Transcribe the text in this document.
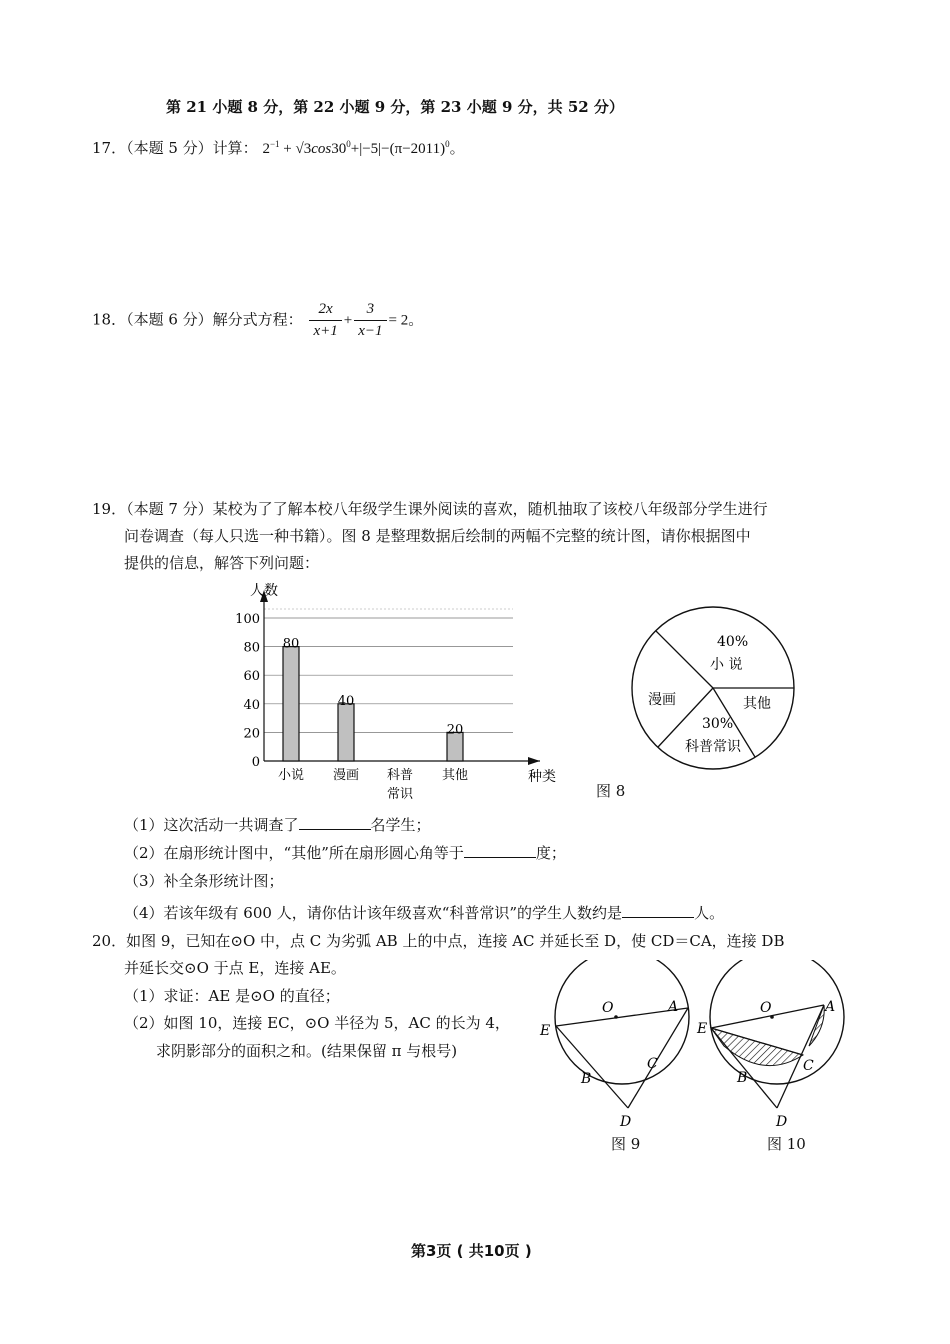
第 21 小题 8 分，第 22 小题 9 分，第 23 小题 9 分，共 52 分）
17．（本题 5 分）计算： $2^{-1} + √3\cos 30^0+|-5|-(\pi-2011)^0$。
18．（本题 6 分）解分式方程： $\frac{2x}{x+1} + \frac{3}{x-1} = 2$。
19．（本题 7 分）某校为了了解本校八年级学生课外阅读的喜欢，随机抽取了该校八年级部分学生进行
问卷调查（每人只选一种书籍）。图 8 是整理数据后绘制的两幅不完整的统计图，请你根据图中
提供的信息，解答下列问题：
0
20
40
60
80
100
80
小说
40
漫画 科普
常识
20
其他
人数
种类
40%
小 说
其他
30%
科普常识
漫画
图 8
（1）这次活动一共调查了	名学生；
（2）在扇形统计图中，“其他”所在扇形圆心角等于	度；
（3）补全条形统计图；
（4）若该年级有 600 人，请你估计该年级喜欢“科普常识”的学生人数约是	人。
20．如图 9，已知在⊙O 中，点 C 为劣弧 AB 上的中点，连接 AC 并延长至 D，使 CD＝CA，连接 DB
并延长交⊙O 于点 E，连接 AE。
（1）求证：AE 是⊙O 的直径；
（2）如图 10，连接 EC，⊙O 半径为 5，AC 的长为 4，
求阴影部分的面积之和。(结果保留 π 与根号)
O	A
E
B
C
D
图 9
O	A
E
B
C
D
图 10
第3页 ( 共10页 )
